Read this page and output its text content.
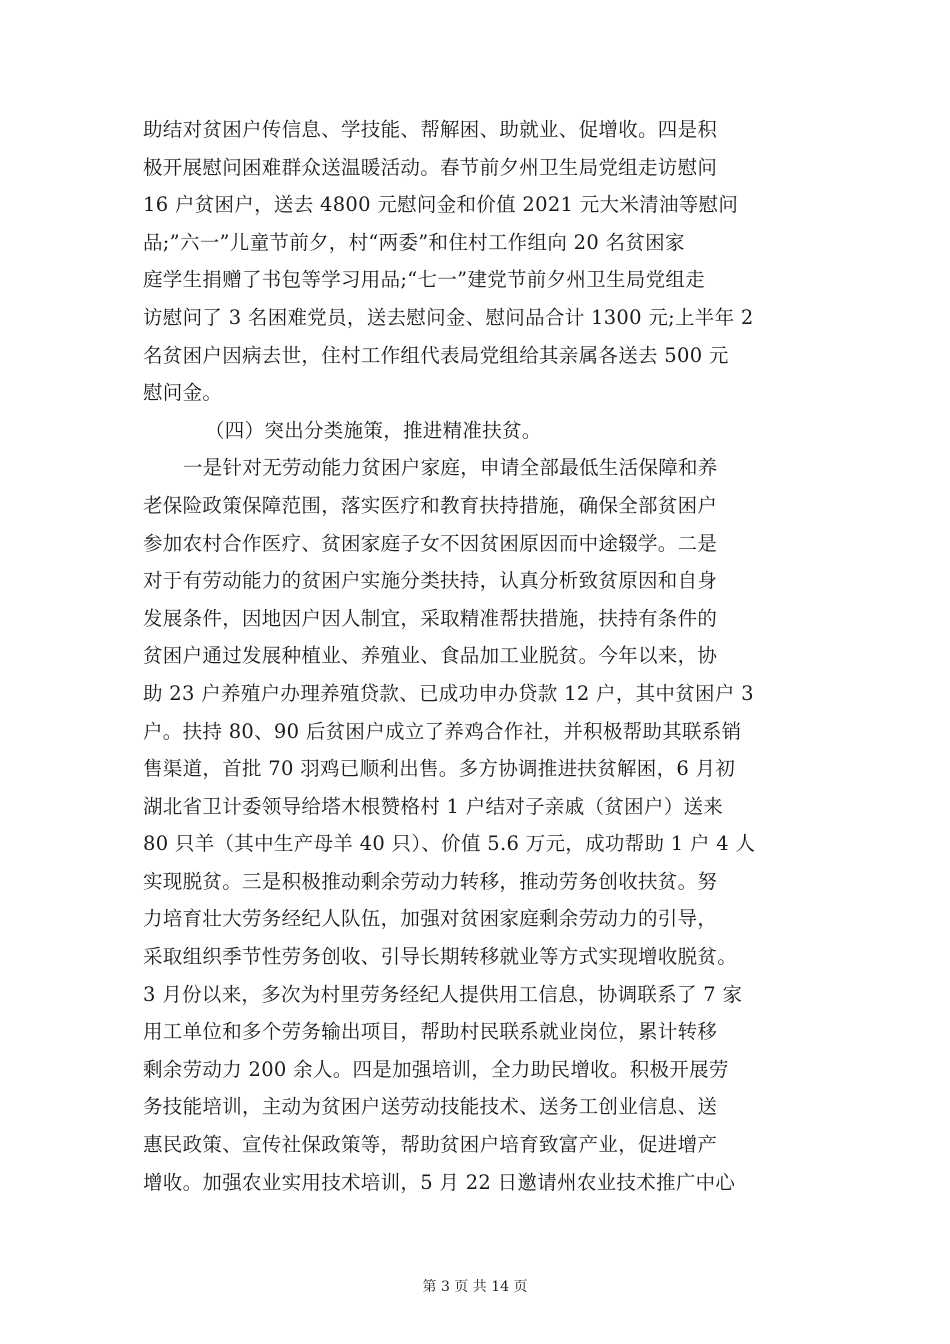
助结对贫困户传信息、学技能、帮解困、助就业、促增收。四是积
极开展慰问困难群众送温暖活动。春节前夕州卫生局党组走访慰问
16 户贫困户，送去 4800 元慰问金和价值 2021 元大米清油等慰问
品;”六一”儿童节前夕，村“两委”和住村工作组向 20 名贫困家
庭学生捐赠了书包等学习用品;“七一”建党节前夕州卫生局党组走
访慰问了 3 名困难党员，送去慰问金、慰问品合计 1300 元;上半年 2
名贫困户因病去世，住村工作组代表局党组给其亲属各送去 500 元
慰问金。
（四）突出分类施策，推进精准扶贫。
一是针对无劳动能力贫困户家庭，申请全部最低生活保障和养
老保险政策保障范围，落实医疗和教育扶持措施，确保全部贫困户
参加农村合作医疗、贫困家庭子女不因贫困原因而中途辍学。二是
对于有劳动能力的贫困户实施分类扶持，认真分析致贫原因和自身
发展条件，因地因户因人制宜，采取精准帮扶措施，扶持有条件的
贫困户通过发展种植业、养殖业、食品加工业脱贫。今年以来，协
助 23 户养殖户办理养殖贷款、已成功申办贷款 12 户，其中贫困户 3
户。扶持 80、90 后贫困户成立了养鸡合作社，并积极帮助其联系销
售渠道，首批 70 羽鸡已顺利出售。多方协调推进扶贫解困，6 月初
湖北省卫计委领导给塔木根赞格村 1 户结对子亲戚（贫困户）送来
80 只羊（其中生产母羊 40 只）、价值 5.6 万元，成功帮助 1 户 4 人
实现脱贫。三是积极推动剩余劳动力转移，推动劳务创收扶贫。努
力培育壮大劳务经纪人队伍，加强对贫困家庭剩余劳动力的引导，
采取组织季节性劳务创收、引导长期转移就业等方式实现增收脱贫。
3 月份以来，多次为村里劳务经纪人提供用工信息，协调联系了 7 家
用工单位和多个劳务输出项目，帮助村民联系就业岗位，累计转移
剩余劳动力 200 余人。四是加强培训，全力助民增收。积极开展劳
务技能培训，主动为贫困户送劳动技能技术、送务工创业信息、送
惠民政策、宣传社保政策等，帮助贫困户培育致富产业，促进增产
增收。加强农业实用技术培训，5 月 22 日邀请州农业技术推广中心
第 3 页 共 14 页
